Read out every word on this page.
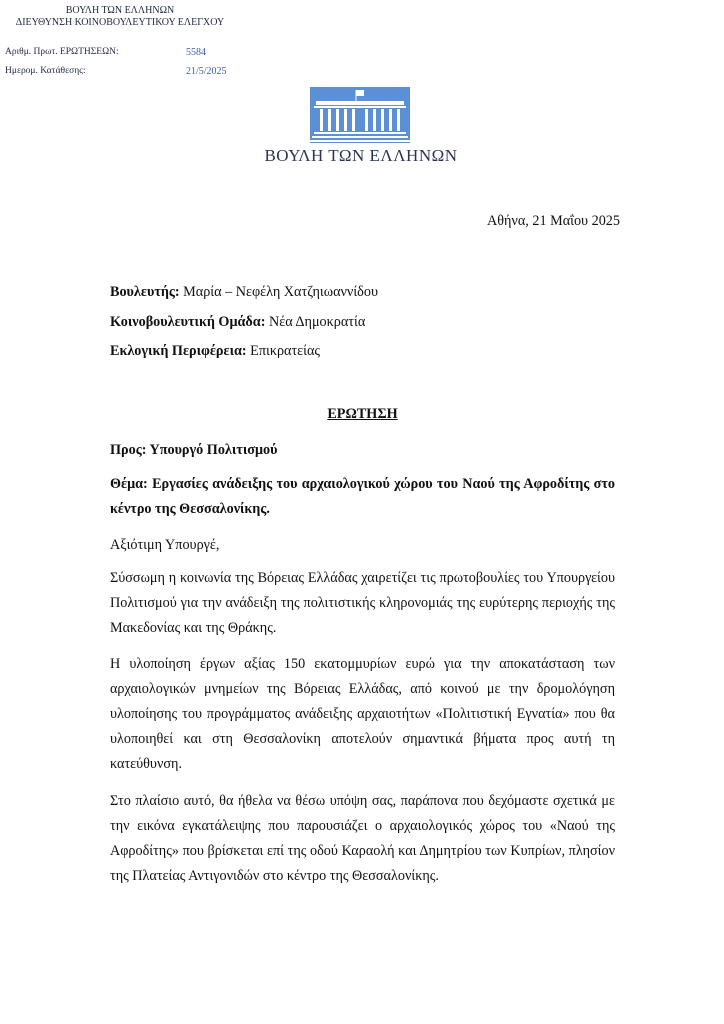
ΒΟΥΛΗ ΤΩΝ ΕΛΛΗΝΩΝ
ΔΙΕΥΘΥΝΣΗ ΚΟΙΝΟΒΟΥΛΕΥΤΙΚΟΥ ΕΛΕΓΧΟΥ
Αριθμ. Πρωτ. ΕΡΩΤΗΣΕΩΝ:	5584
Ημερομ. Κατάθεσης:	21/5/2025
ΒΟΥΛΗ ΤΩΝ ΕΛΛΗΝΩΝ
Αθήνα, 21 Μαΐου 2025
Βουλευτής: Μαρία – Νεφέλη Χατζηιωαννίδου
Κοινοβουλευτική Ομάδα: Νέα Δημοκρατία
Εκλογική Περιφέρεια: Επικρατείας
ΕΡΩΤΗΣΗ
Προς: Υπουργό Πολιτισμού
Θέμα: Εργασίες ανάδειξης του αρχαιολογικού χώρου του Ναού της Αφροδίτης στο κέντρο της Θεσσαλονίκης.
Αξιότιμη Υπουργέ,
Σύσσωμη η κοινωνία της Βόρειας Ελλάδας χαιρετίζει τις πρωτοβουλίες του Υπουργείου Πολιτισμού για την ανάδειξη της πολιτιστικής κληρονομιάς της ευρύτερης περιοχής της Μακεδονίας και της Θράκης.
Η υλοποίηση έργων αξίας 150 εκατομμυρίων ευρώ για την αποκατάσταση των αρχαιολογικών μνημείων της Βόρειας Ελλάδας, από κοινού με την δρομολόγηση υλοποίησης του προγράμματος ανάδειξης αρχαιοτήτων «Πολιτιστική Εγνατία» που θα υλοποιηθεί και στη Θεσσαλονίκη αποτελούν σημαντικά βήματα προς αυτή τη κατεύθυνση.
Στο πλαίσιο αυτό, θα ήθελα να θέσω υπόψη σας, παράπονα που δεχόμαστε σχετικά με την εικόνα εγκατάλειψης που παρουσιάζει ο αρχαιολογικός χώρος του «Ναού της Αφροδίτης» που βρίσκεται επί της οδού Καραολή και Δημητρίου των Κυπρίων, πλησίον της Πλατείας Αντιγονιδών στο κέντρο της Θεσσαλονίκης.
